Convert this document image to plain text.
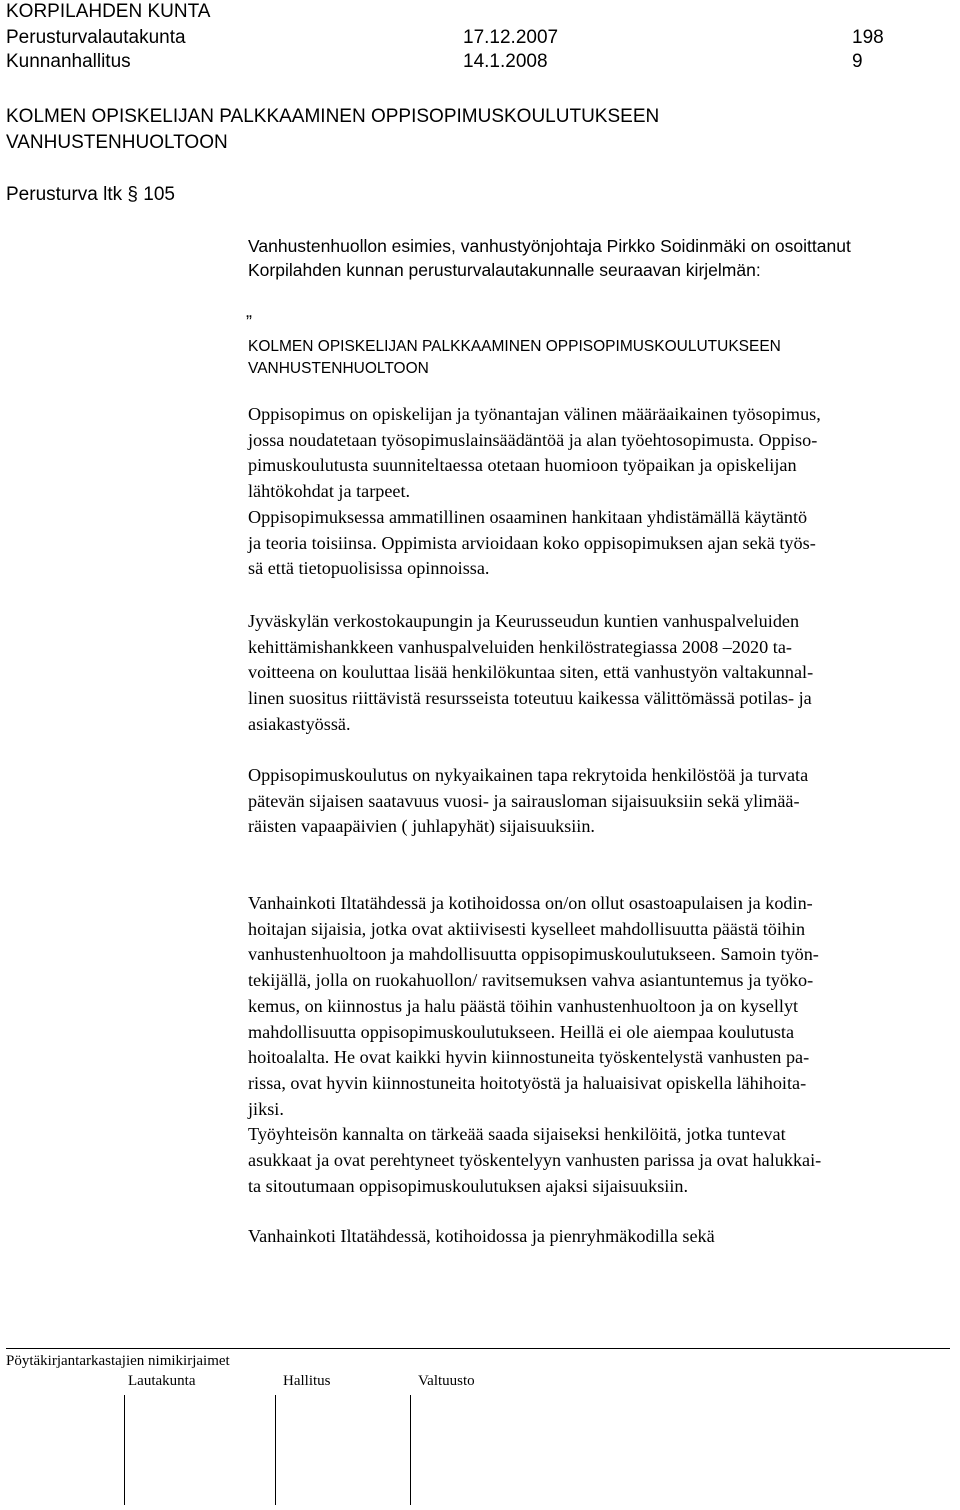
KORPILAHDEN KUNTA
Perusturvalautakunta	17.12.2007	198
Kunnanhallitus	14.1.2008	9
KOLMEN OPISKELIJAN PALKKAAMINEN OPPISOPIMUSKOULUTUKSEEN
VANHUSTENHUOLTOON
Perusturva ltk § 105
Vanhustenhuollon esimies, vanhustyönjohtaja Pirkko Soidinmäki on osoittanut
Korpilahden kunnan perusturvalautakunnalle seuraavan kirjelmän:
„
KOLMEN OPISKELIJAN PALKKAAMINEN OPPISOPIMUSKOULUTUKSEEN
VANHUSTENHUOLTOON
Oppisopimus on opiskelijan ja työnantajan välinen määräaikainen työsopimus,
jossa noudatetaan työsopimuslainsäädäntöä ja alan työehtosopimusta. Oppiso-
pimuskoulutusta suunniteltaessa otetaan huomioon työpaikan ja opiskelijan
lähtökohdat ja tarpeet.
Oppisopimuksessa ammatillinen osaaminen hankitaan yhdistämällä käytäntö
ja teoria toisiinsa. Oppimista arvioidaan koko oppisopimuksen ajan sekä työs-
sä että tietopuolisissa opinnoissa.
Jyväskylän verkostokaupungin ja Keurusseudun kuntien vanhuspalveluiden
kehittämishankkeen vanhuspalveluiden henkilöstrategiassa 2008 –2020 ta-
voitteena on kouluttaa lisää henkilökuntaa siten, että vanhustyön valtakunnal-
linen suositus riittävistä resursseista toteutuu kaikessa välittömässä potilas- ja
asiakastyössä.
Oppisopimuskoulutus on nykyaikainen tapa rekrytoida henkilöstöä ja turvata
pätevän sijaisen saatavuus vuosi- ja sairausloman sijaisuuksiin sekä ylimää-
räisten vapaapäivien ( juhlapyhät) sijaisuuksiin.
Vanhainkoti Iltatähdessä ja kotihoidossa on/on ollut osastoapulaisen ja kodin-
hoitajan sijaisia, jotka ovat aktiivisesti kyselleet mahdollisuutta päästä töihin
vanhustenhuoltoon ja mahdollisuutta oppisopimuskoulutukseen. Samoin työn-
tekijällä, jolla on ruokahuollon/ ravitsemuksen vahva asiantuntemus ja työko-
kemus, on kiinnostus ja halu päästä töihin vanhustenhuoltoon ja on kysellyt
mahdollisuutta oppisopimuskoulutukseen. Heillä ei ole aiempaa koulutusta
hoitoalalta. He ovat kaikki hyvin kiinnostuneita työskentelystä vanhusten pa-
rissa, ovat hyvin kiinnostuneita hoitotyöstä ja haluaisivat opiskella lähihoita-
jiksi.
Työyhteisön kannalta on tärkeää saada sijaiseksi henkilöitä, jotka tuntevat
asukkaat ja ovat perehtyneet työskentelyyn vanhusten parissa ja ovat halukkai-
ta sitoutumaan oppisopimuskoulutuksen ajaksi sijaisuuksiin.
Vanhainkoti Iltatähdessä, kotihoidossa ja pienryhmäkodilla sekä
Pöytäkirjantarkastajien nimikirjaimet
Lautakunta	Hallitus	Valtuusto
